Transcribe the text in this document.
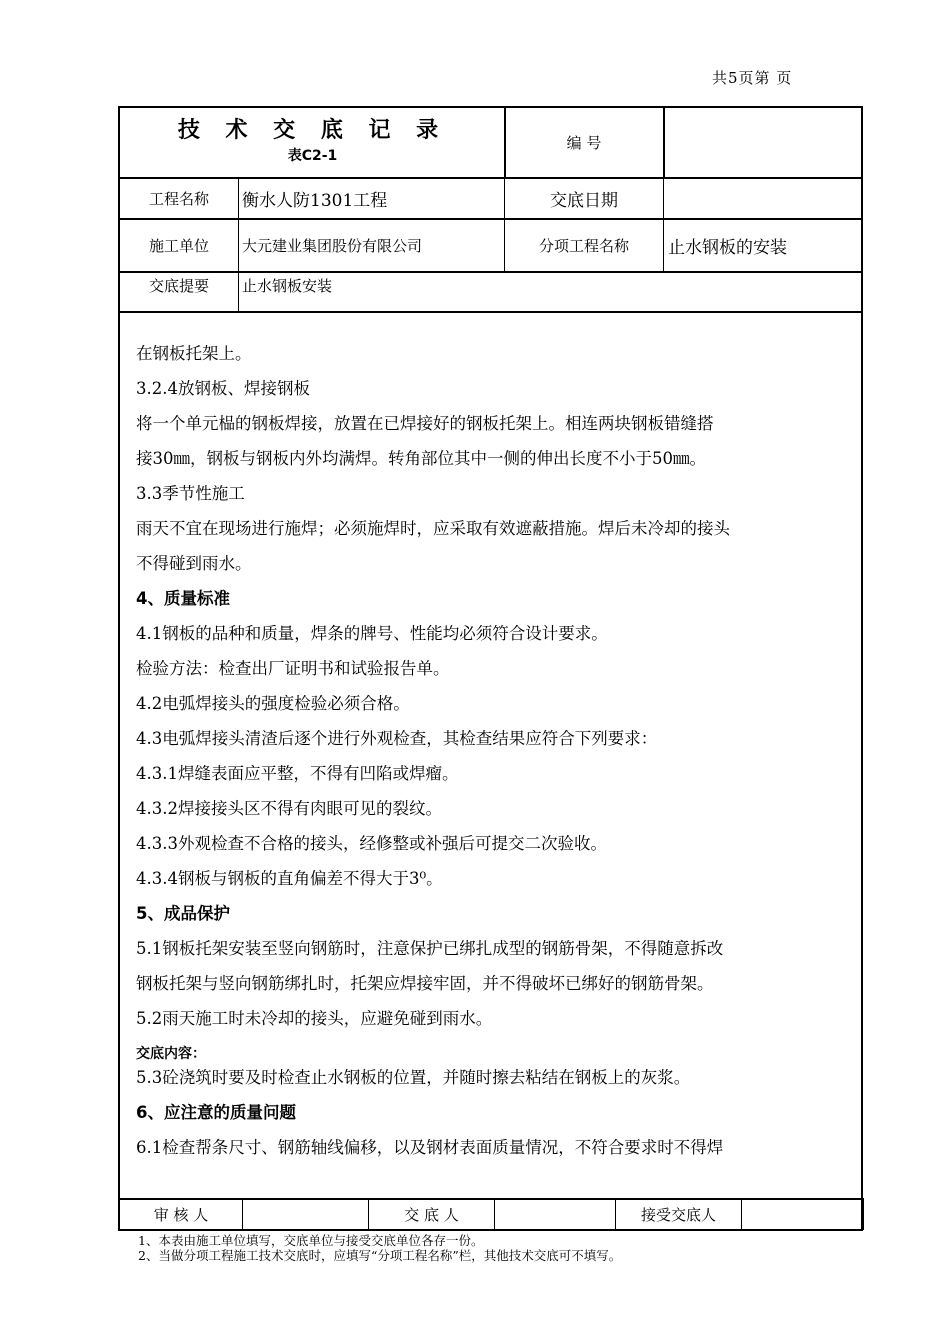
共5页第 页
技 术 交 底 记 录
表C2-1
编 号
工程名称	衡水人防1301工程	交底日期
施工单位	大元建业集团股份有限公司	分项工程名称	止水钢板的安装
交底提要	止水钢板安装

在钢板托架上。

3.2.4放钢板、焊接钢板

将一个单元榀的钢板焊接，放置在已焊接好的钢板托架上。相连两块钢板错缝搭

接30㎜，钢板与钢板内外均满焊。转角部位其中一侧的伸出长度不小于50㎜。

3.3季节性施工

雨天不宜在现场进行施焊；必须施焊时，应采取有效遮蔽措施。焊后未冷却的接头

不得碰到雨水。

4、质量标准

4.1钢板的品种和质量，焊条的牌号、性能均必须符合设计要求。

检验方法：检查出厂证明书和试验报告单。

4.2电弧焊接头的强度检验必须合格。

4.3电弧焊接头清渣后逐个进行外观检查，其检查结果应符合下列要求：

4.3.1焊缝表面应平整，不得有凹陷或焊瘤。

4.3.2焊接接头区不得有肉眼可见的裂纹。

4.3.3外观检查不合格的接头，经修整或补强后可提交二次验收。

4.3.4钢板与钢板的直角偏差不得大于3⁰。

5、成品保护

5.1钢板托架安装至竖向钢筋时，注意保护已绑扎成型的钢筋骨架，不得随意拆改

钢板托架与竖向钢筋绑扎时，托架应焊接牢固，并不得破坏已绑好的钢筋骨架。

5.2雨天施工时未冷却的接头，应避免碰到雨水。

交底内容：

5.3砼浇筑时要及时检查止水钢板的位置，并随时擦去粘结在钢板上的灰浆。

6、应注意的质量问题

6.1检查帮条尺寸、钢筋轴线偏移，以及钢材表面质量情况，不符合要求时不得焊

审 核 人	交 底 人	接受交底人
1、本表由施工单位填写，交底单位与接受交底单位各存一份。
2、当做分项工程施工技术交底时，应填写“分项工程名称”栏，其他技术交底可不填写。
